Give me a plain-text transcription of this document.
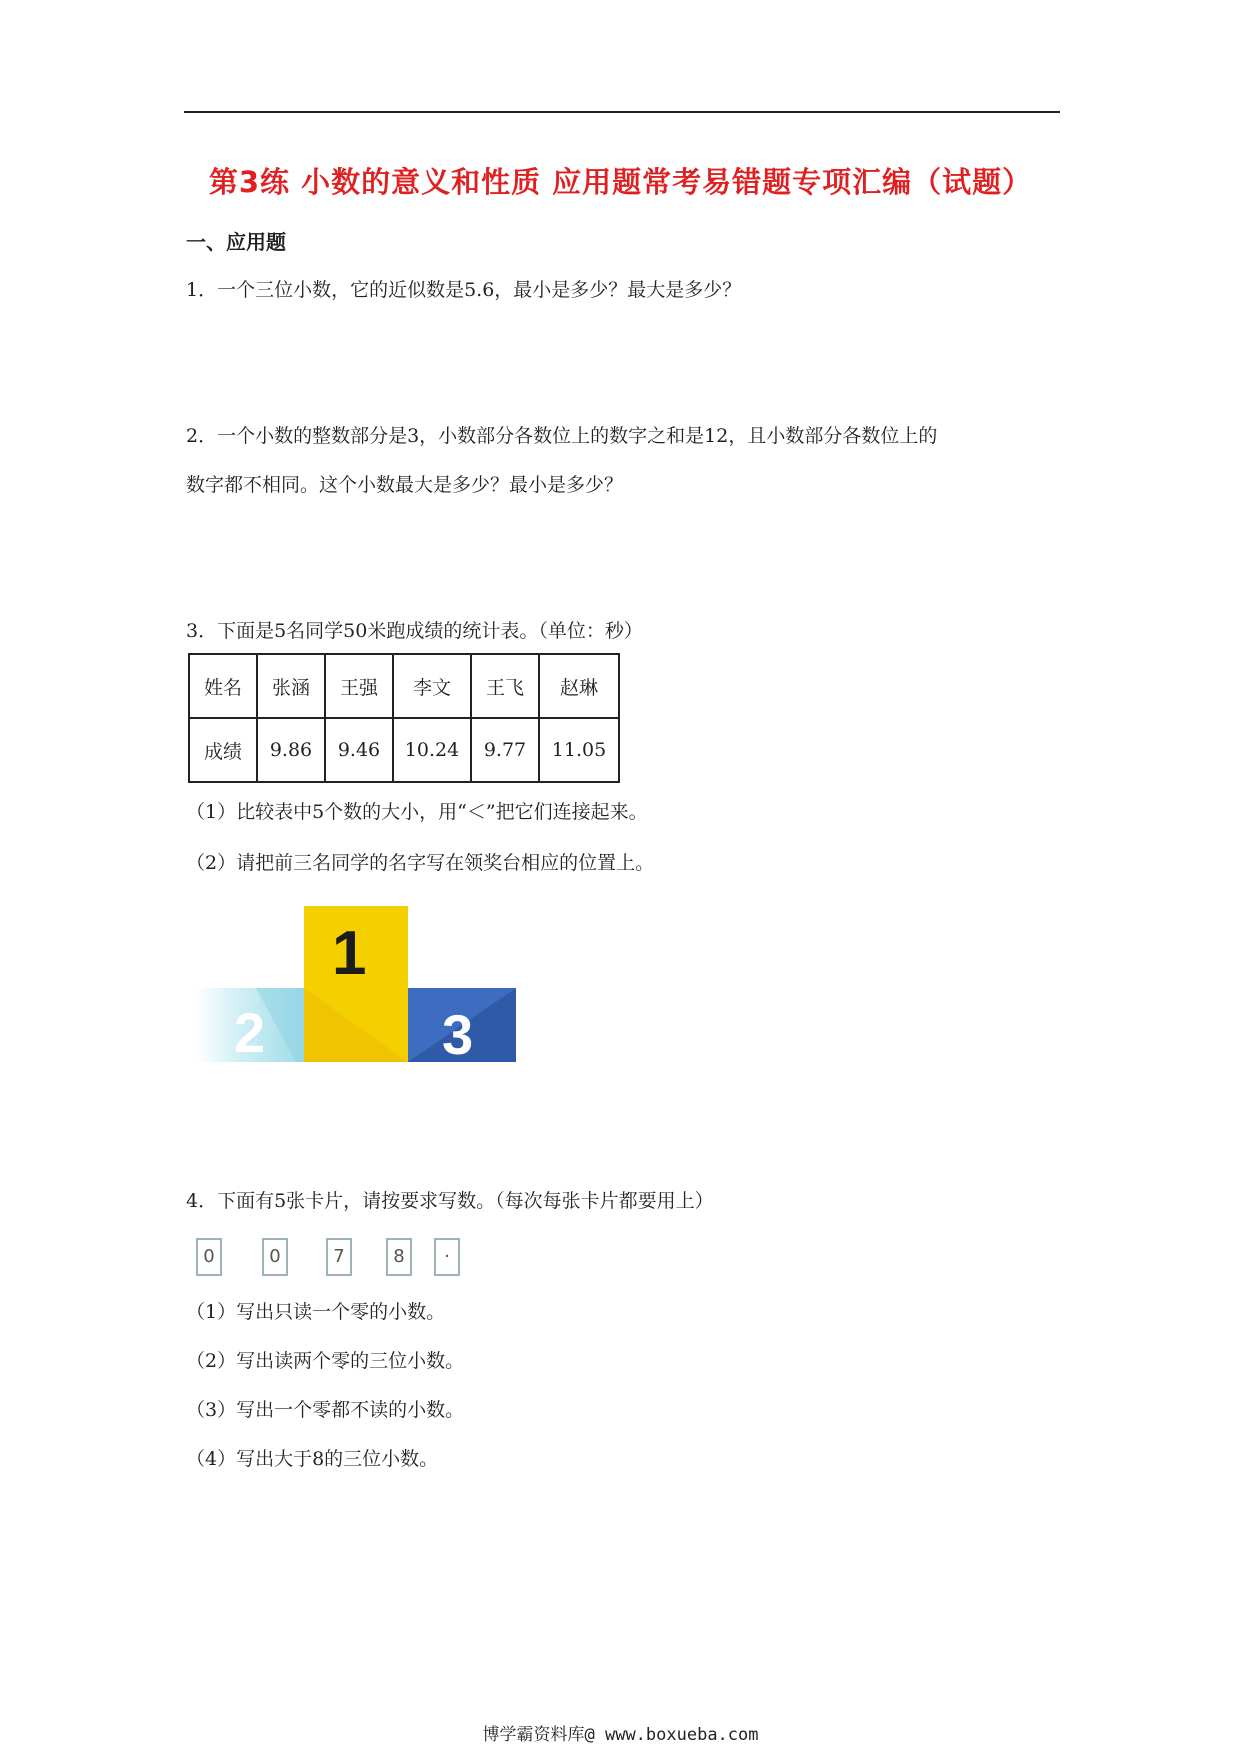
第3练 小数的意义和性质 应用题常考易错题专项汇编（试题）
一、应用题
1．一个三位小数，它的近似数是5.6，最小是多少？最大是多少？
2．一个小数的整数部分是3，小数部分各数位上的数字之和是12，且小数部分各数位上的
数字都不相同。这个小数最大是多少？最小是多少？
3．下面是5名同学50米跑成绩的统计表。（单位：秒）
姓名	张涵	王强	李文	王飞	赵琳
成绩	9.86	9.46	10.24	9.77	11.05
（1）比较表中5个数的大小，用“＜”把它们连接起来。
（2）请把前三名同学的名字写在领奖台相应的位置上。
2
1
3
4．下面有5张卡片，请按要求写数。（每次每张卡片都要用上）
0	0	7	8	·
（1）写出只读一个零的小数。
（2）写出读两个零的三位小数。
（3）写出一个零都不读的小数。
（4）写出大于8的三位小数。
博学霸资料库@ www.boxueba.com
